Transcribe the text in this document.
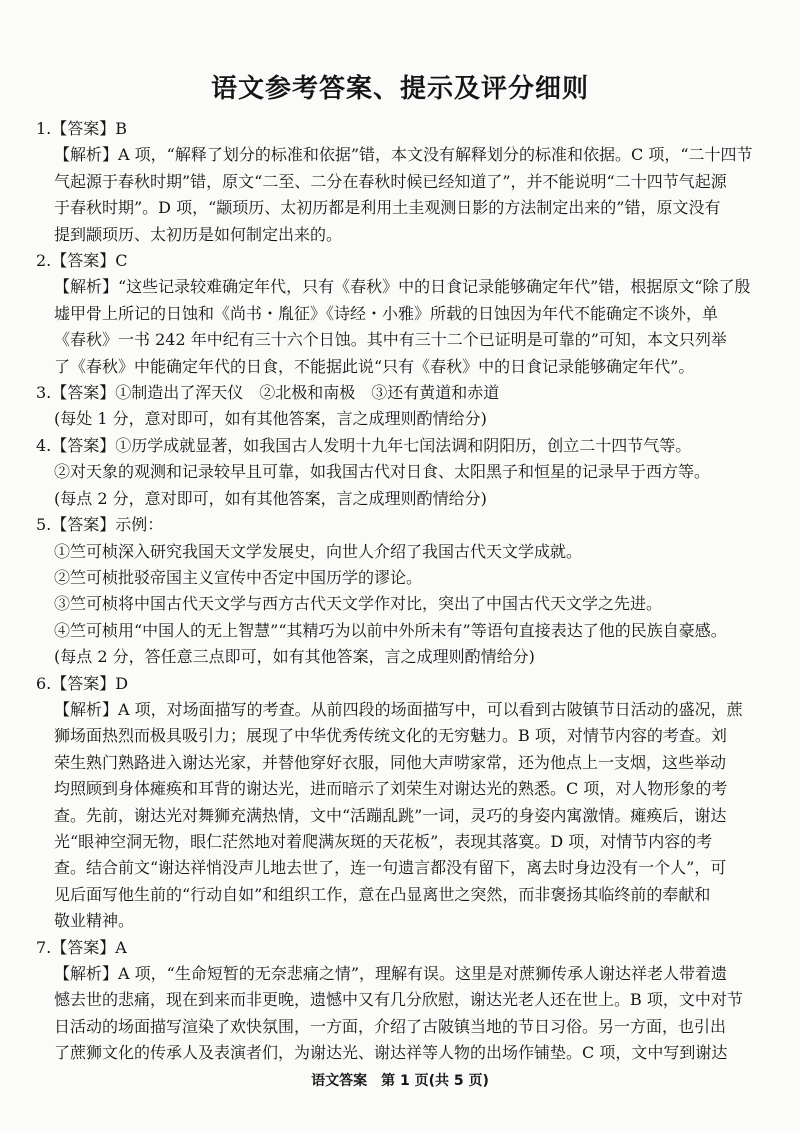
语文参考答案、提示及评分细则
1.【答案】B
【解析】A 项，“解释了划分的标准和依据”错，本文没有解释划分的标准和依据。C 项，“二十四节
气起源于春秋时期”错，原文“二至、二分在春秋时候已经知道了”，并不能说明“二十四节气起源
于春秋时期”。D 项，“颛顼历、太初历都是利用土圭观测日影的方法制定出来的”错，原文没有
提到颛顼历、太初历是如何制定出来的。
2.【答案】C
【解析】“这些记录较难确定年代，只有《春秋》中的日食记录能够确定年代”错，根据原文“除了殷
墟甲骨上所记的日蚀和《尚书・胤征》《诗经・小雅》所载的日蚀因为年代不能确定不谈外，单
《春秋》一书 242 年中纪有三十六个日蚀。其中有三十二个已证明是可靠的”可知，本文只列举
了《春秋》中能确定年代的日食，不能据此说“只有《春秋》中的日食记录能够确定年代”。
3.【答案】①制造出了浑天仪　②北极和南极　③还有黄道和赤道
(每处 1 分，意对即可，如有其他答案，言之成理则酌情给分)
4.【答案】①历学成就显著，如我国古人发明十九年七闰法调和阴阳历，创立二十四节气等。
②对天象的观测和记录较早且可靠，如我国古代对日食、太阳黑子和恒星的记录早于西方等。
(每点 2 分，意对即可，如有其他答案，言之成理则酌情给分)
5.【答案】示例：
①竺可桢深入研究我国天文学发展史，向世人介绍了我国古代天文学成就。
②竺可桢批驳帝国主义宣传中否定中国历学的谬论。
③竺可桢将中国古代天文学与西方古代天文学作对比，突出了中国古代天文学之先进。
④竺可桢用“中国人的无上智慧”“其精巧为以前中外所未有”等语句直接表达了他的民族自豪感。
(每点 2 分，答任意三点即可，如有其他答案，言之成理则酌情给分)
6.【答案】D
【解析】A 项，对场面描写的考查。从前四段的场面描写中，可以看到古陂镇节日活动的盛况，蔗
狮场面热烈而极具吸引力；展现了中华优秀传统文化的无穷魅力。B 项，对情节内容的考查。刘
荣生熟门熟路进入谢达光家，并替他穿好衣服，同他大声唠家常，还为他点上一支烟，这些举动
均照顾到身体瘫痪和耳背的谢达光，进而暗示了刘荣生对谢达光的熟悉。C 项，对人物形象的考
查。先前，谢达光对舞狮充满热情，文中“活蹦乱跳”一词，灵巧的身姿内寓激情。瘫痪后，谢达
光“眼神空洞无物，眼仁茫然地对着爬满灰斑的天花板”，表现其落寞。D 项，对情节内容的考
查。结合前文“谢达祥悄没声儿地去世了，连一句遗言都没有留下，离去时身边没有一个人”，可
见后面写他生前的“行动自如”和组织工作，意在凸显离世之突然，而非褒扬其临终前的奉献和
敬业精神。
7.【答案】A
【解析】A 项，“生命短暂的无奈悲痛之情”，理解有误。这里是对蔗狮传承人谢达祥老人带着遗
憾去世的悲痛，现在到来而非更晚，遗憾中又有几分欣慰，谢达光老人还在世上。B 项，文中对节
日活动的场面描写渲染了欢快氛围，一方面，介绍了古陂镇当地的节日习俗。另一方面，也引出
了蔗狮文化的传承人及表演者们，为谢达光、谢达祥等人物的出场作铺垫。C 项，文中写到谢达
语文答案　第 1 页(共 5 页)
